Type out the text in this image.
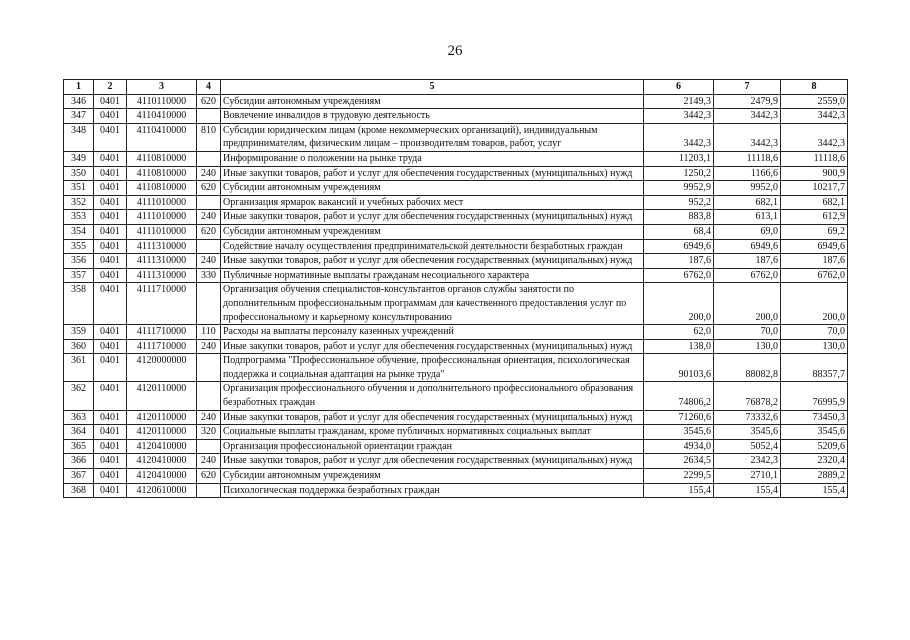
26
1	2	3	4	5	6	7	8
346	0401	4110110000	620	Субсидии автономным учреждениям	2149,3	2479,9	2559,0
347	0401	4110410000		Вовлечение инвалидов в трудовую деятельность	3442,3	3442,3	3442,3
348	0401	4110410000	810	Субсидии юридическим лицам (кроме некоммерческих организаций), индивидуальным предпринимателям, физическим лицам – производителям товаров, работ, услуг	3442,3	3442,3	3442,3
349	0401	4110810000		Информирование о положении на рынке труда	11203,1	11118,6	11118,6
350	0401	4110810000	240	Иные закупки товаров, работ и услуг для обеспечения государственных (муниципальных) нужд	1250,2	1166,6	900,9
351	0401	4110810000	620	Субсидии автономным учреждениям	9952,9	9952,0	10217,7
352	0401	4111010000		Организация ярмарок вакансий и учебных рабочих мест	952,2	682,1	682,1
353	0401	4111010000	240	Иные закупки товаров, работ и услуг для обеспечения государственных (муниципальных) нужд	883,8	613,1	612,9
354	0401	4111010000	620	Субсидии автономным учреждениям	68,4	69,0	69,2
355	0401	4111310000		Содействие началу осуществления предпринимательской деятельности безработных граждан	6949,6	6949,6	6949,6
356	0401	4111310000	240	Иные закупки товаров, работ и услуг для обеспечения государственных (муниципальных) нужд	187,6	187,6	187,6
357	0401	4111310000	330	Публичные нормативные выплаты гражданам несоциального характера	6762,0	6762,0	6762,0
358	0401	4111710000		Организация обучения специалистов-консультантов органов службы занятости по дополнительным профессиональным программам для качественного предоставления услуг по профессиональному и карьерному консультированию	200,0	200,0	200,0
359	0401	4111710000	110	Расходы на выплаты персоналу казенных учреждений	62,0	70,0	70,0
360	0401	4111710000	240	Иные закупки товаров, работ и услуг для обеспечения государственных (муниципальных) нужд	138,0	130,0	130,0
361	0401	4120000000		Подпрограмма "Профессиональное обучение, профессиональная ориентация, психологическая поддержка и социальная адаптация на рынке труда"	90103,6	88082,8	88357,7
362	0401	4120110000		Организация профессионального обучения и дополнительного профессионального образования безработных граждан	74806,2	76878,2	76995,9
363	0401	4120110000	240	Иные закупки товаров, работ и услуг для обеспечения государственных (муниципальных) нужд	71260,6	73332,6	73450,3
364	0401	4120110000	320	Социальные выплаты гражданам, кроме публичных нормативных социальных выплат	3545,6	3545,6	3545,6
365	0401	4120410000		Организация профессиональной ориентации граждан	4934,0	5052,4	5209,6
366	0401	4120410000	240	Иные закупки товаров, работ и услуг для обеспечения государственных (муниципальных) нужд	2634,5	2342,3	2320,4
367	0401	4120410000	620	Субсидии автономным учреждениям	2299,5	2710,1	2889,2
368	0401	4120610000		Психологическая поддержка безработных граждан	155,4	155,4	155,4
